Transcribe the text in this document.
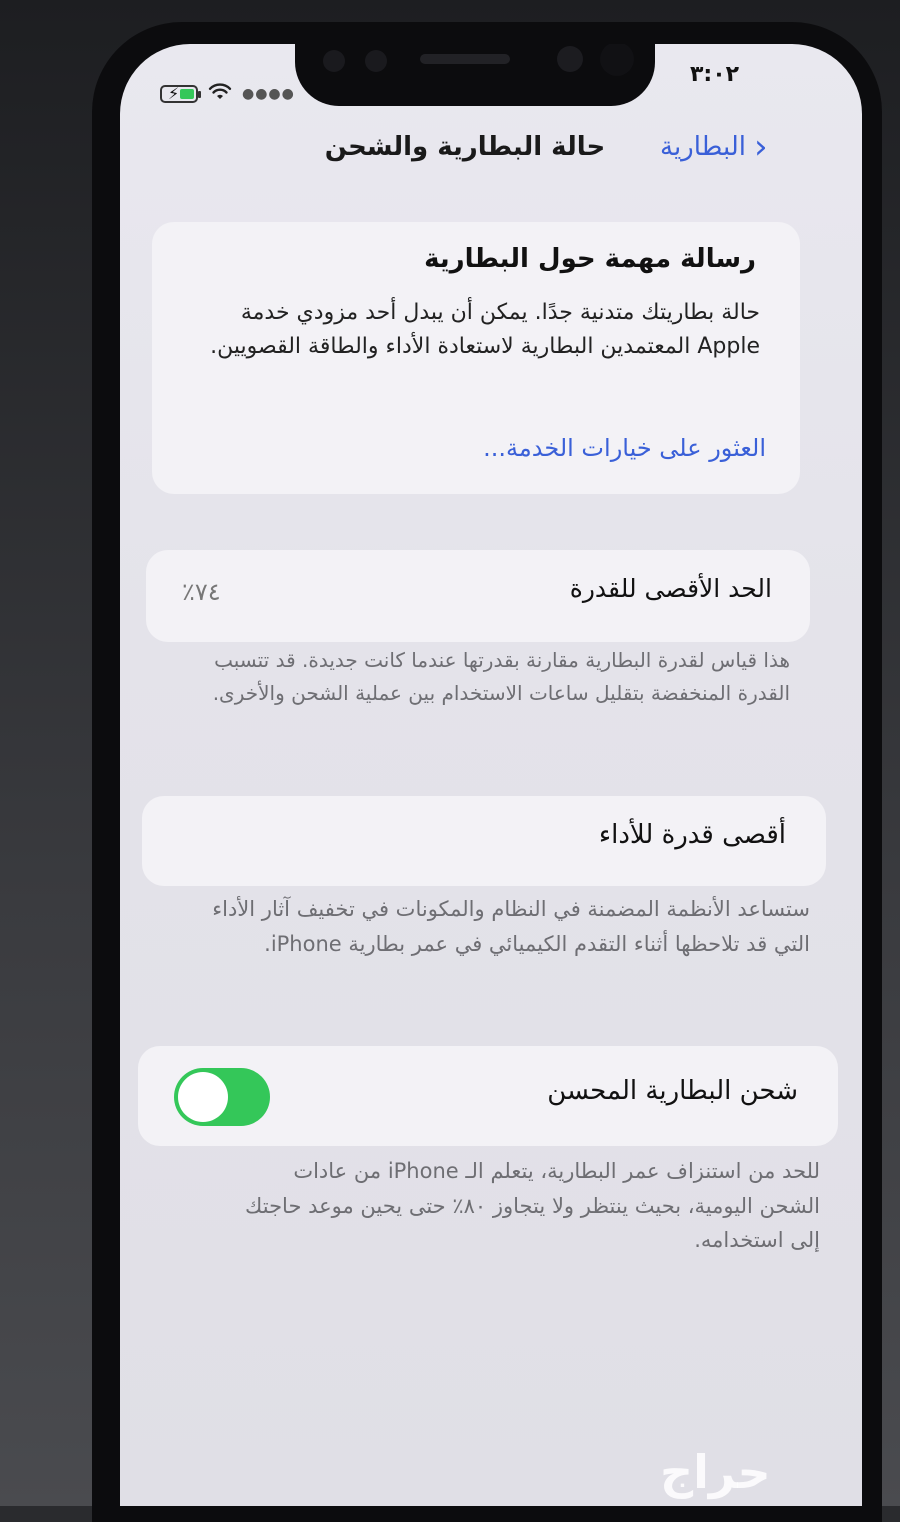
٣:٠٢
⚡	●●●●
‹
البطارية
حالة البطارية والشحن
رسالة مهمة حول البطارية
حالة بطاريتك متدنية جدًا. يمكن أن يبدل أحد مزودي خدمة Apple المعتمدين البطارية لاستعادة الأداء والطاقة القصويين.
العثور على خيارات الخدمة...
الحد الأقصى للقدرة
٧٤٪
هذا قياس لقدرة البطارية مقارنة بقدرتها عندما كانت جديدة. قد تتسبب القدرة المنخفضة بتقليل ساعات الاستخدام بين عملية الشحن والأخرى.
أقصى قدرة للأداء
ستساعد الأنظمة المضمنة في النظام والمكونات في تخفيف آثار الأداء التي قد تلاحظها أثناء التقدم الكيميائي في عمر بطارية iPhone.
شحن البطارية المحسن
للحد من استنزاف عمر البطارية، يتعلم الـ iPhone من عادات الشحن اليومية، بحيث ينتظر ولا يتجاوز ٨٠٪ حتى يحين موعد حاجتك إلى استخدامه.
حراج
